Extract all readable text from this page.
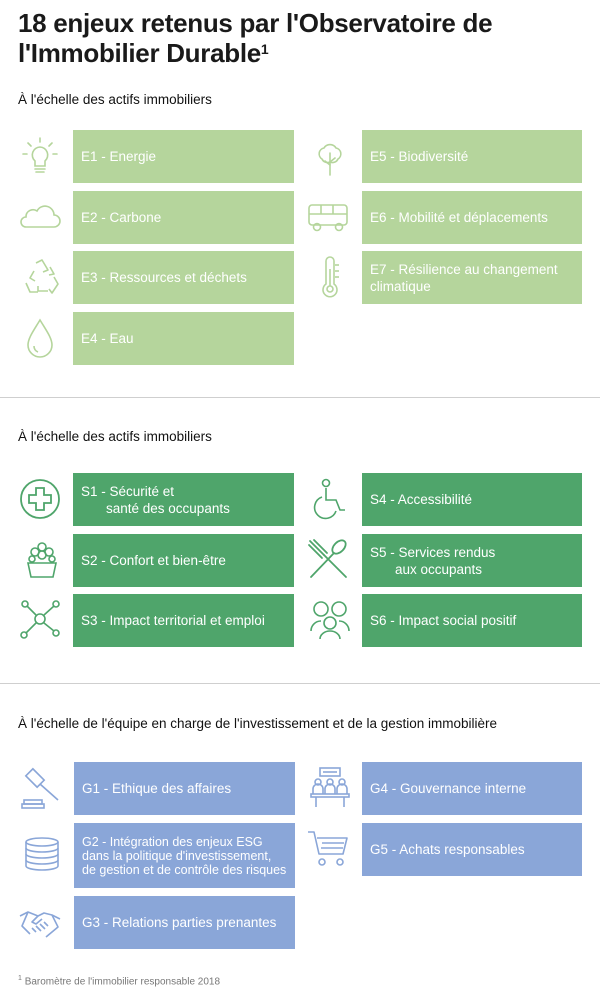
18 enjeux retenus par l'Observatoire de l'Immobilier Durable$^1$
À l'échelle des actifs immobiliers
E1 - Energie
E2 - Carbone
E3 - Ressources et déchets
E4 - Eau
E5 - Biodiversité
E6 - Mobilité et déplacements
E7 - Résilience au changement climatique
À l'échelle des actifs immobiliers
S1 - Sécurité et
santé des occupants
S2 - Confort et bien-être
S3 - Impact territorial et emploi
S4 - Accessibilité
S5 - Services rendus
aux occupants
S6 - Impact social positif
À l'échelle de l'équipe en charge de l'investissement et de la gestion immobilière
G1 - Ethique des affaires
G2 - Intégration des enjeux ESG dans la politique d'investissement, de gestion et de contrôle des risques
G3 - Relations parties prenantes
G4 - Gouvernance interne
G5 - Achats responsables
$^1$ Baromètre de l'immobilier responsable 2018
